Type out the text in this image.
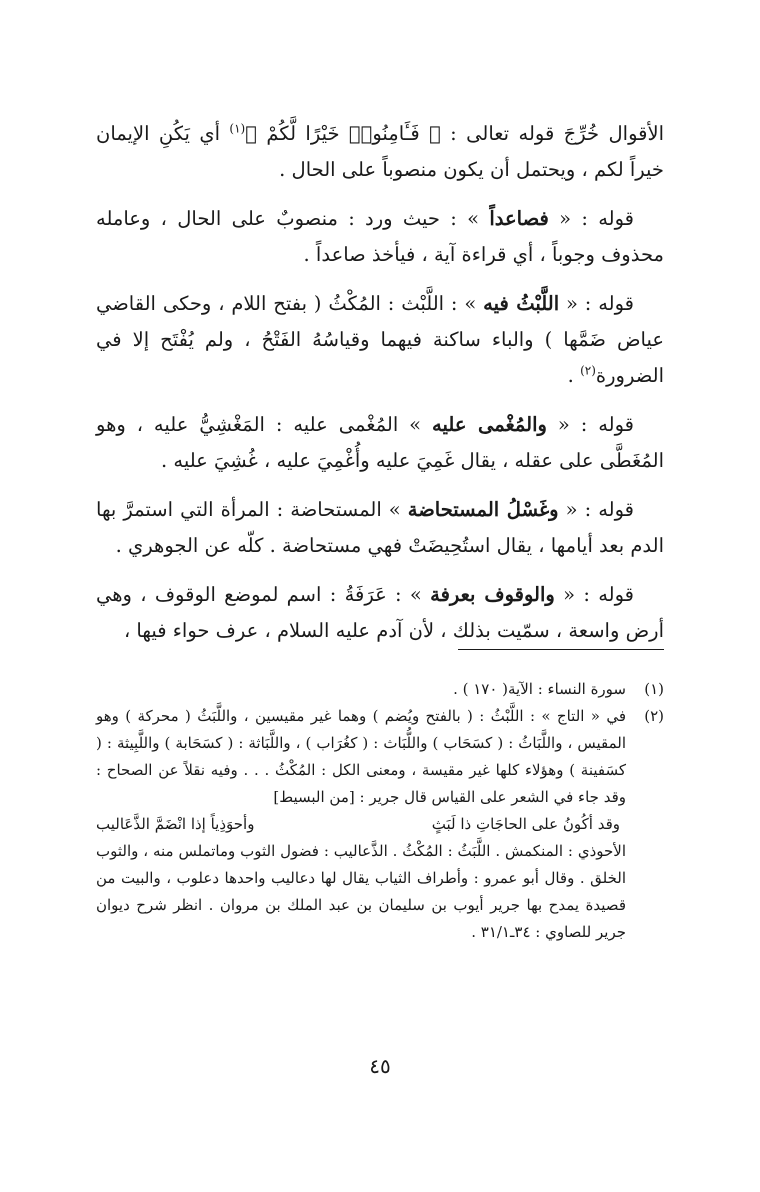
الأقوال خُرِّجَ قوله تعالى : ﴿ فَـَٔامِنُوا۟ خَيْرًا لَّكُمْ ﴾$^{(١)}$ أي يَكُنِ الإيمان خيراً لكم ، ويحتمل أن يكون منصوباً على الحال .

قوله : « فصاعداً » : حيث ورد : منصوبٌ على الحال ، وعامله محذوف وجوباً ، أي قراءة آية ، فيأخذ صاعداً .

قوله : « اللَّبْثُ فيه » : اللَّبْث : المُكْثُ ( بفتح اللام ، وحكى القاضي عياض ضَمَّها ) والباء ساكنة فيهما وقياسُهُ الفَتْحُ ، ولم يُفْتَح إلا في الضرورة$^{(٢)}$ .

قوله : « والمُغْمى عليه » المُغْمى عليه : المَغْشِيُّ عليه ، وهو المُغَطَّى على عقله ، يقال غَمِيَ عليه وأُغْمِيَ عليه ، غُشِيَ عليه .

قوله : « وغَسْلُ المستحاضة » المستحاضة : المرأة التي استمرَّ بها الدم بعد أيامها ، يقال استُحِيضَتْ فهي مستحاضة . كلّه عن الجوهري .

قوله : « والوقوف بعرفة » : عَرَفَةُ : اسم لموضع الوقوف ، وهي أرض واسعة ، سمّيت بذلك ، لأن آدم عليه السلام ، عرف حواء فيها ،

(١)
سورة النساء : الآية( ١٧٠ ) .
(٢)
في « التاج » : اللَّبْثُ : ( بالفتح ويُضم ) وهما غير مقيسين ، واللَّبَثُ ( محركة ) وهو المقيس ، واللَّبَاثُ : ( كسَحَاب ) واللُّبَاث : ( كغُرَاب ) ، واللَّبَاثة : ( كسَحَابة ) واللَّبِيثة : ( كسَفينة ) وهؤلاء كلها غير مقيسة ، ومعنى الكل : المُكْثُ . . . وفيه نقلاً عن الصحاح : وقد جاء في الشعر على القياس قال جرير : [من البسيط]
وقد أكُونُ على الحاجَاتِ ذا لَبَثٍ
وأحوَذِياً إذا انْضَمَّ الذَّعَاليب
الأحوذي : المنكمش . اللَّبَثُ : المُكْثُ . الذَّعاليب : فضول الثوب وماتملس منه ، والثوب الخلق . وقال أبو عمرو : وأطراف الثياب يقال لها دعاليب واحدها دعلوب ، والبيت من قصيدة يمدح بها جرير أيوب بن سليمان بن عبد الملك بن مروان . انظر شرح ديوان جرير للصاوي : ٣٤ـ٣١/١ .
٤٥
